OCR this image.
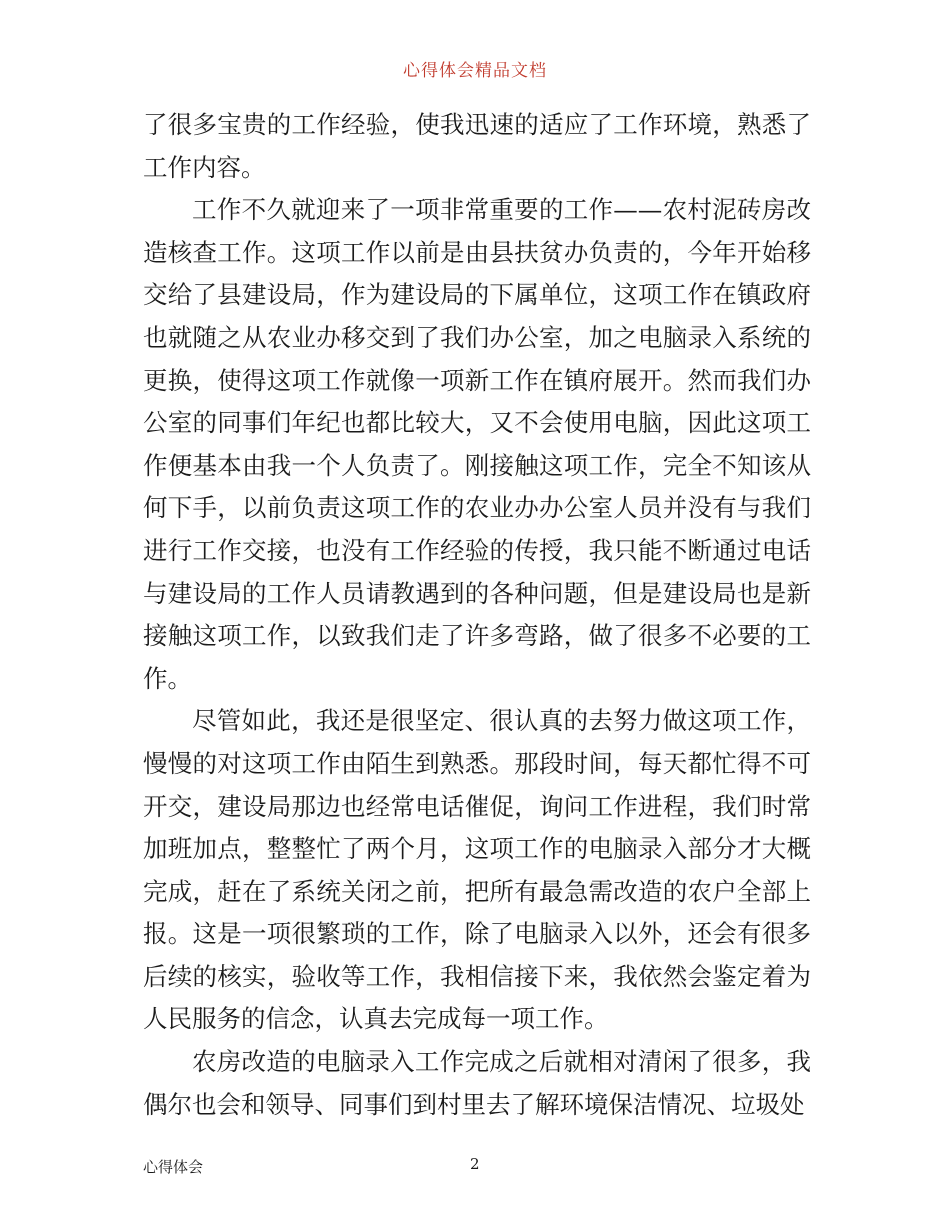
心得体会精品文档

了很多宝贵的工作经验，使我迅速的适应了工作环境，熟悉了工作内容。

工作不久就迎来了一项非常重要的工作——农村泥砖房改造核查工作。这项工作以前是由县扶贫办负责的，今年开始移交给了县建设局，作为建设局的下属单位，这项工作在镇政府也就随之从农业办移交到了我们办公室，加之电脑录入系统的更换，使得这项工作就像一项新工作在镇府展开。然而我们办公室的同事们年纪也都比较大，又不会使用电脑，因此这项工作便基本由我一个人负责了。刚接触这项工作，完全不知该从何下手，以前负责这项工作的农业办办公室人员并没有与我们进行工作交接，也没有工作经验的传授，我只能不断通过电话与建设局的工作人员请教遇到的各种问题，但是建设局也是新接触这项工作，以致我们走了许多弯路，做了很多不必要的工作。

尽管如此，我还是很坚定、很认真的去努力做这项工作，慢慢的对这项工作由陌生到熟悉。那段时间，每天都忙得不可开交，建设局那边也经常电话催促，询问工作进程，我们时常加班加点，整整忙了两个月，这项工作的电脑录入部分才大概完成，赶在了系统关闭之前，把所有最急需改造的农户全部上报。这是一项很繁琐的工作，除了电脑录入以外，还会有很多后续的核实，验收等工作，我相信接下来，我依然会鉴定着为人民服务的信念，认真去完成每一项工作。

农房改造的电脑录入工作完成之后就相对清闲了很多，我偶尔也会和领导、同事们到村里去了解环境保洁情况、垃圾处

心得体会	2
